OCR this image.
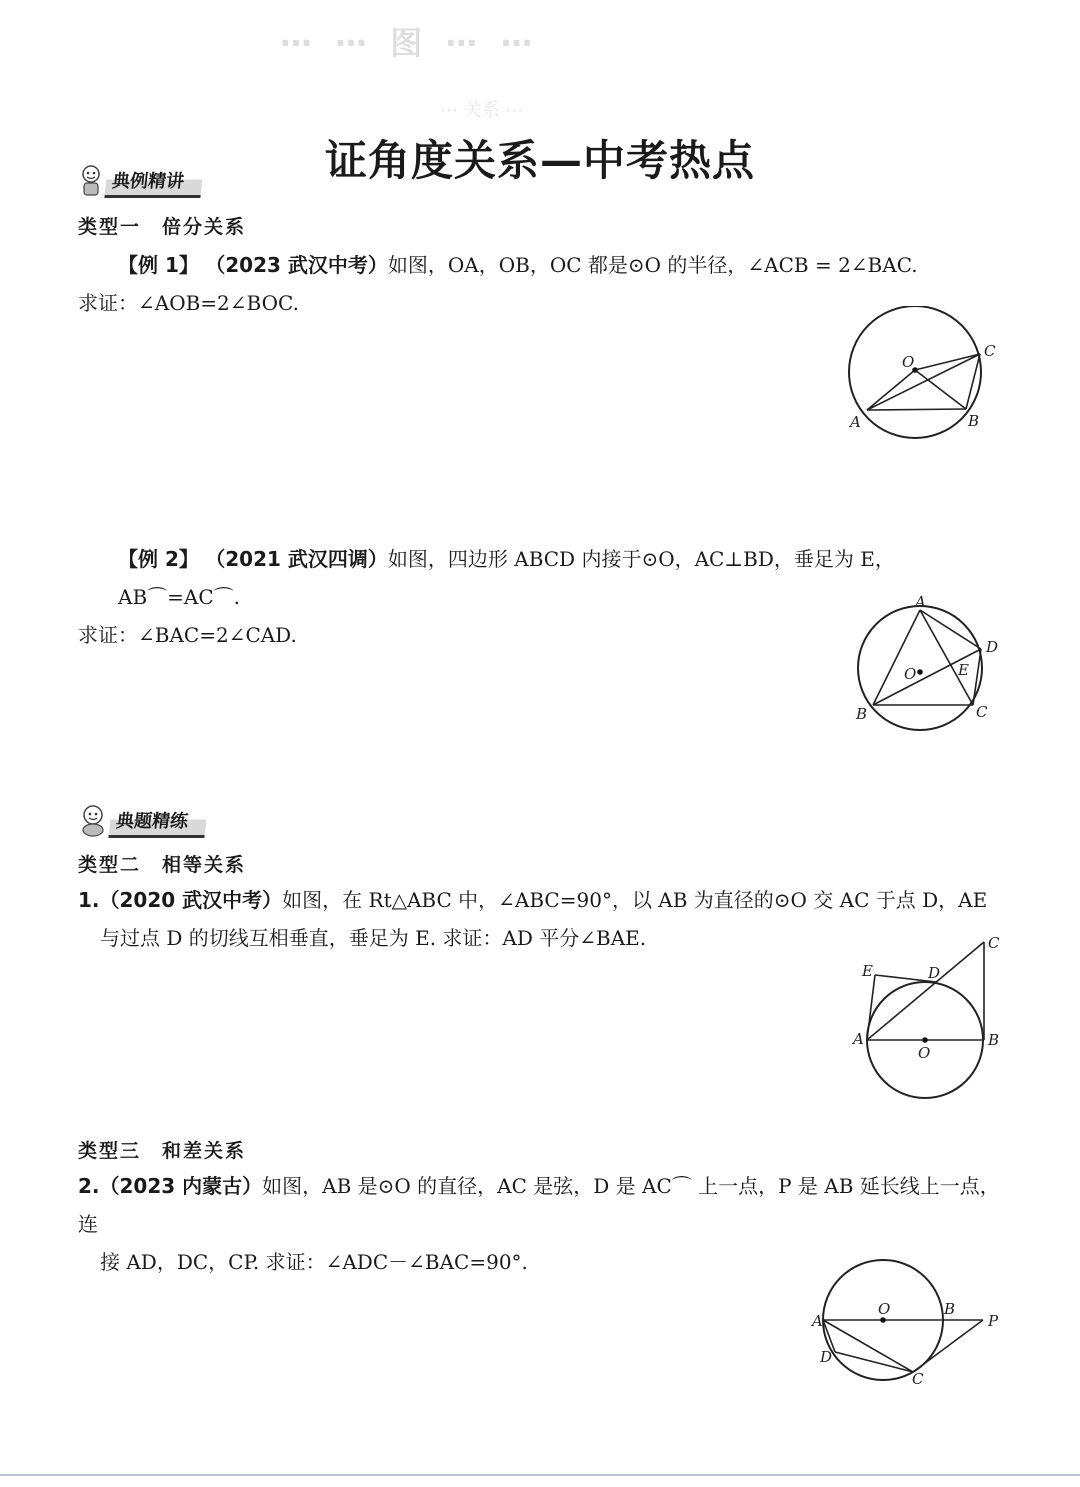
⋯ ⋯ 图 ⋯ ⋯
⋯ 关系 ⋯
证角度关系—中考热点
典例精讲
类型一　倍分关系
【例 1】 （2023 武汉中考）如图，OA，OB，OC 都是⊙O 的半径，∠ACB = 2∠BAC.
求证：∠AOB=2∠BOC.
O
C
A	B
【例 2】 （2021 武汉四调）如图，四边形 ABCD 内接于⊙O，AC⊥BD，垂足为 E，AB⌒=AC⌒.
求证：∠BAC=2∠CAD.
A
D
O	E
B	C
典题精练
类型二　相等关系
1.（2020 武汉中考）如图，在 Rt△ABC 中，∠ABC=90°，以 AB 为直径的⊙O 交 AC 于点 D，AE
与过点 D 的切线互相垂直，垂足为 E. 求证：AD 平分∠BAE.	C
E	D
A	B
O
类型三　和差关系
2.（2023 内蒙古）如图，AB 是⊙O 的直径，AC 是弦，D 是 AC⌒ 上一点，P 是 AB 延长线上一点，连
接 AD，DC，CP. 求证：∠ADC－∠BAC=90°.
O	B
P
A
D
C
